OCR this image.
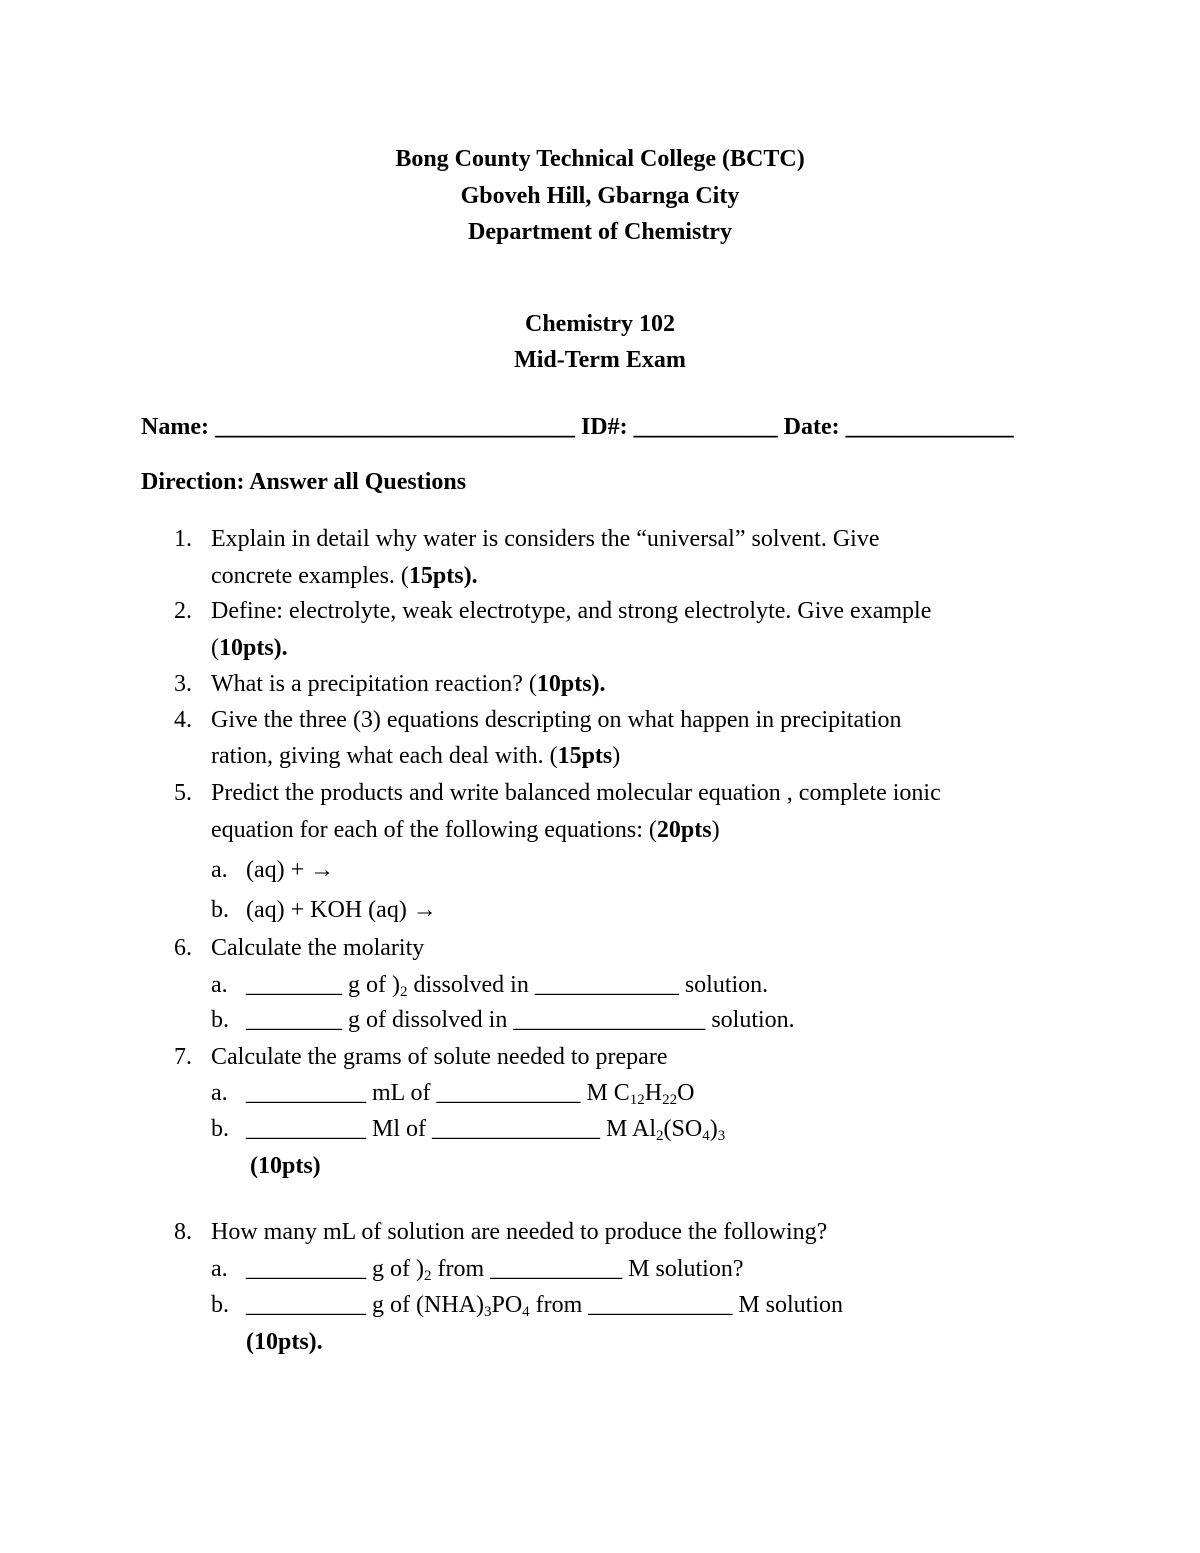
Bong County Technical College (BCTC)
Gboveh Hill, Gbarnga City
Department of Chemistry
Chemistry 102
Mid-Term Exam
Name: ______________________________ ID#: ____________ Date: ______________
Direction: Answer all Questions
1. Explain in detail why water is considers the “universal” solvent. Give
concrete examples. (15pts).
2. Define: electrolyte, weak electrotype, and strong electrolyte. Give example
(10pts).
3. What is a precipitation reaction? (10pts).
4. Give the three (3) equations descripting on what happen in precipitation
ration, giving what each deal with. (15pts)
5. Predict the products and write balanced molecular equation , complete ionic
equation for each of the following equations: (20pts)
a. (aq) + →
b. (aq) + KOH (aq) →
6. Calculate the molarity
a. ________ g of )$_2$ dissolved in ____________ solution.
b. ________ g of dissolved in ________________ solution.
7. Calculate the grams of solute needed to prepare
a. __________ mL of ____________ M $C_{12}H_{22}O$
b. __________ Ml of ______________ M $Al_2(SO_4)_3$
(10pts)
8. How many mL of solution are needed to produce the following?
a. __________ g of )$_2$ from ___________ M solution?
b. __________ g of $(NHA)_3PO_4$ from ____________ M solution
(10pts).
